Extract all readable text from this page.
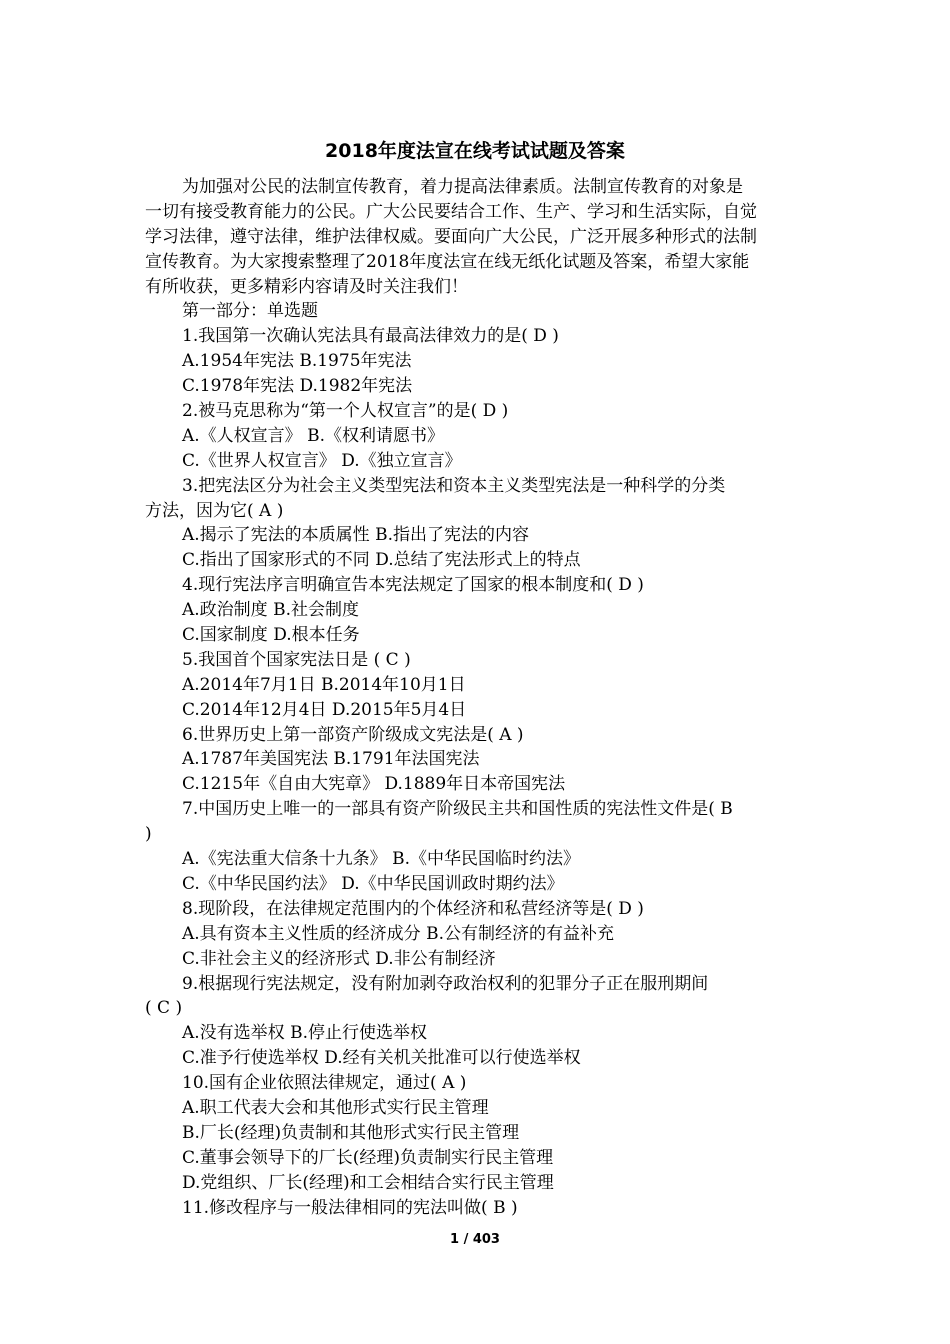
2018年度法宣在线考试试题及答案
为加强对公民的法制宣传教育，着力提高法律素质。法制宣传教育的对象是
一切有接受教育能力的公民。广大公民要结合工作、生产、学习和生活实际，自觉
学习法律，遵守法律，维护法律权威。要面向广大公民，广泛开展多种形式的法制
宣传教育。为大家搜索整理了2018年度法宣在线无纸化试题及答案，希望大家能
有所收获，更多精彩内容请及时关注我们！
第一部分：单选题
1.我国第一次确认宪法具有最高法律效力的是( D )
A.1954年宪法 B.1975年宪法
C.1978年宪法 D.1982年宪法
2.被马克思称为“第一个人权宣言”的是( D )
A.《人权宣言》 B.《权利请愿书》
C.《世界人权宣言》 D.《独立宣言》
3.把宪法区分为社会主义类型宪法和资本主义类型宪法是一种科学的分类
方法，因为它( A )
A.揭示了宪法的本质属性 B.指出了宪法的内容
C.指出了国家形式的不同 D.总结了宪法形式上的特点
4.现行宪法序言明确宣告本宪法规定了国家的根本制度和( D )
A.政治制度 B.社会制度
C.国家制度 D.根本任务
5.我国首个国家宪法日是 ( C )
A.2014年7月1日 B.2014年10月1日
C.2014年12月4日 D.2015年5月4日
6.世界历史上第一部资产阶级成文宪法是( A )
A.1787年美国宪法 B.1791年法国宪法
C.1215年《自由大宪章》 D.1889年日本帝国宪法
7.中国历史上唯一的一部具有资产阶级民主共和国性质的宪法性文件是( B
)
A.《宪法重大信条十九条》 B.《中华民国临时约法》
C.《中华民国约法》 D.《中华民国训政时期约法》
8.现阶段，在法律规定范围内的个体经济和私营经济等是( D )
A.具有资本主义性质的经济成分 B.公有制经济的有益补充
C.非社会主义的经济形式 D.非公有制经济
9.根据现行宪法规定，没有附加剥夺政治权利的犯罪分子正在服刑期间
( C )
A.没有选举权 B.停止行使选举权
C.准予行使选举权 D.经有关机关批准可以行使选举权
10.国有企业依照法律规定，通过( A )
A.职工代表大会和其他形式实行民主管理
B.厂长(经理)负责制和其他形式实行民主管理
C.董事会领导下的厂长(经理)负责制实行民主管理
D.党组织、厂长(经理)和工会相结合实行民主管理
11.修改程序与一般法律相同的宪法叫做( B )
1 / 403
